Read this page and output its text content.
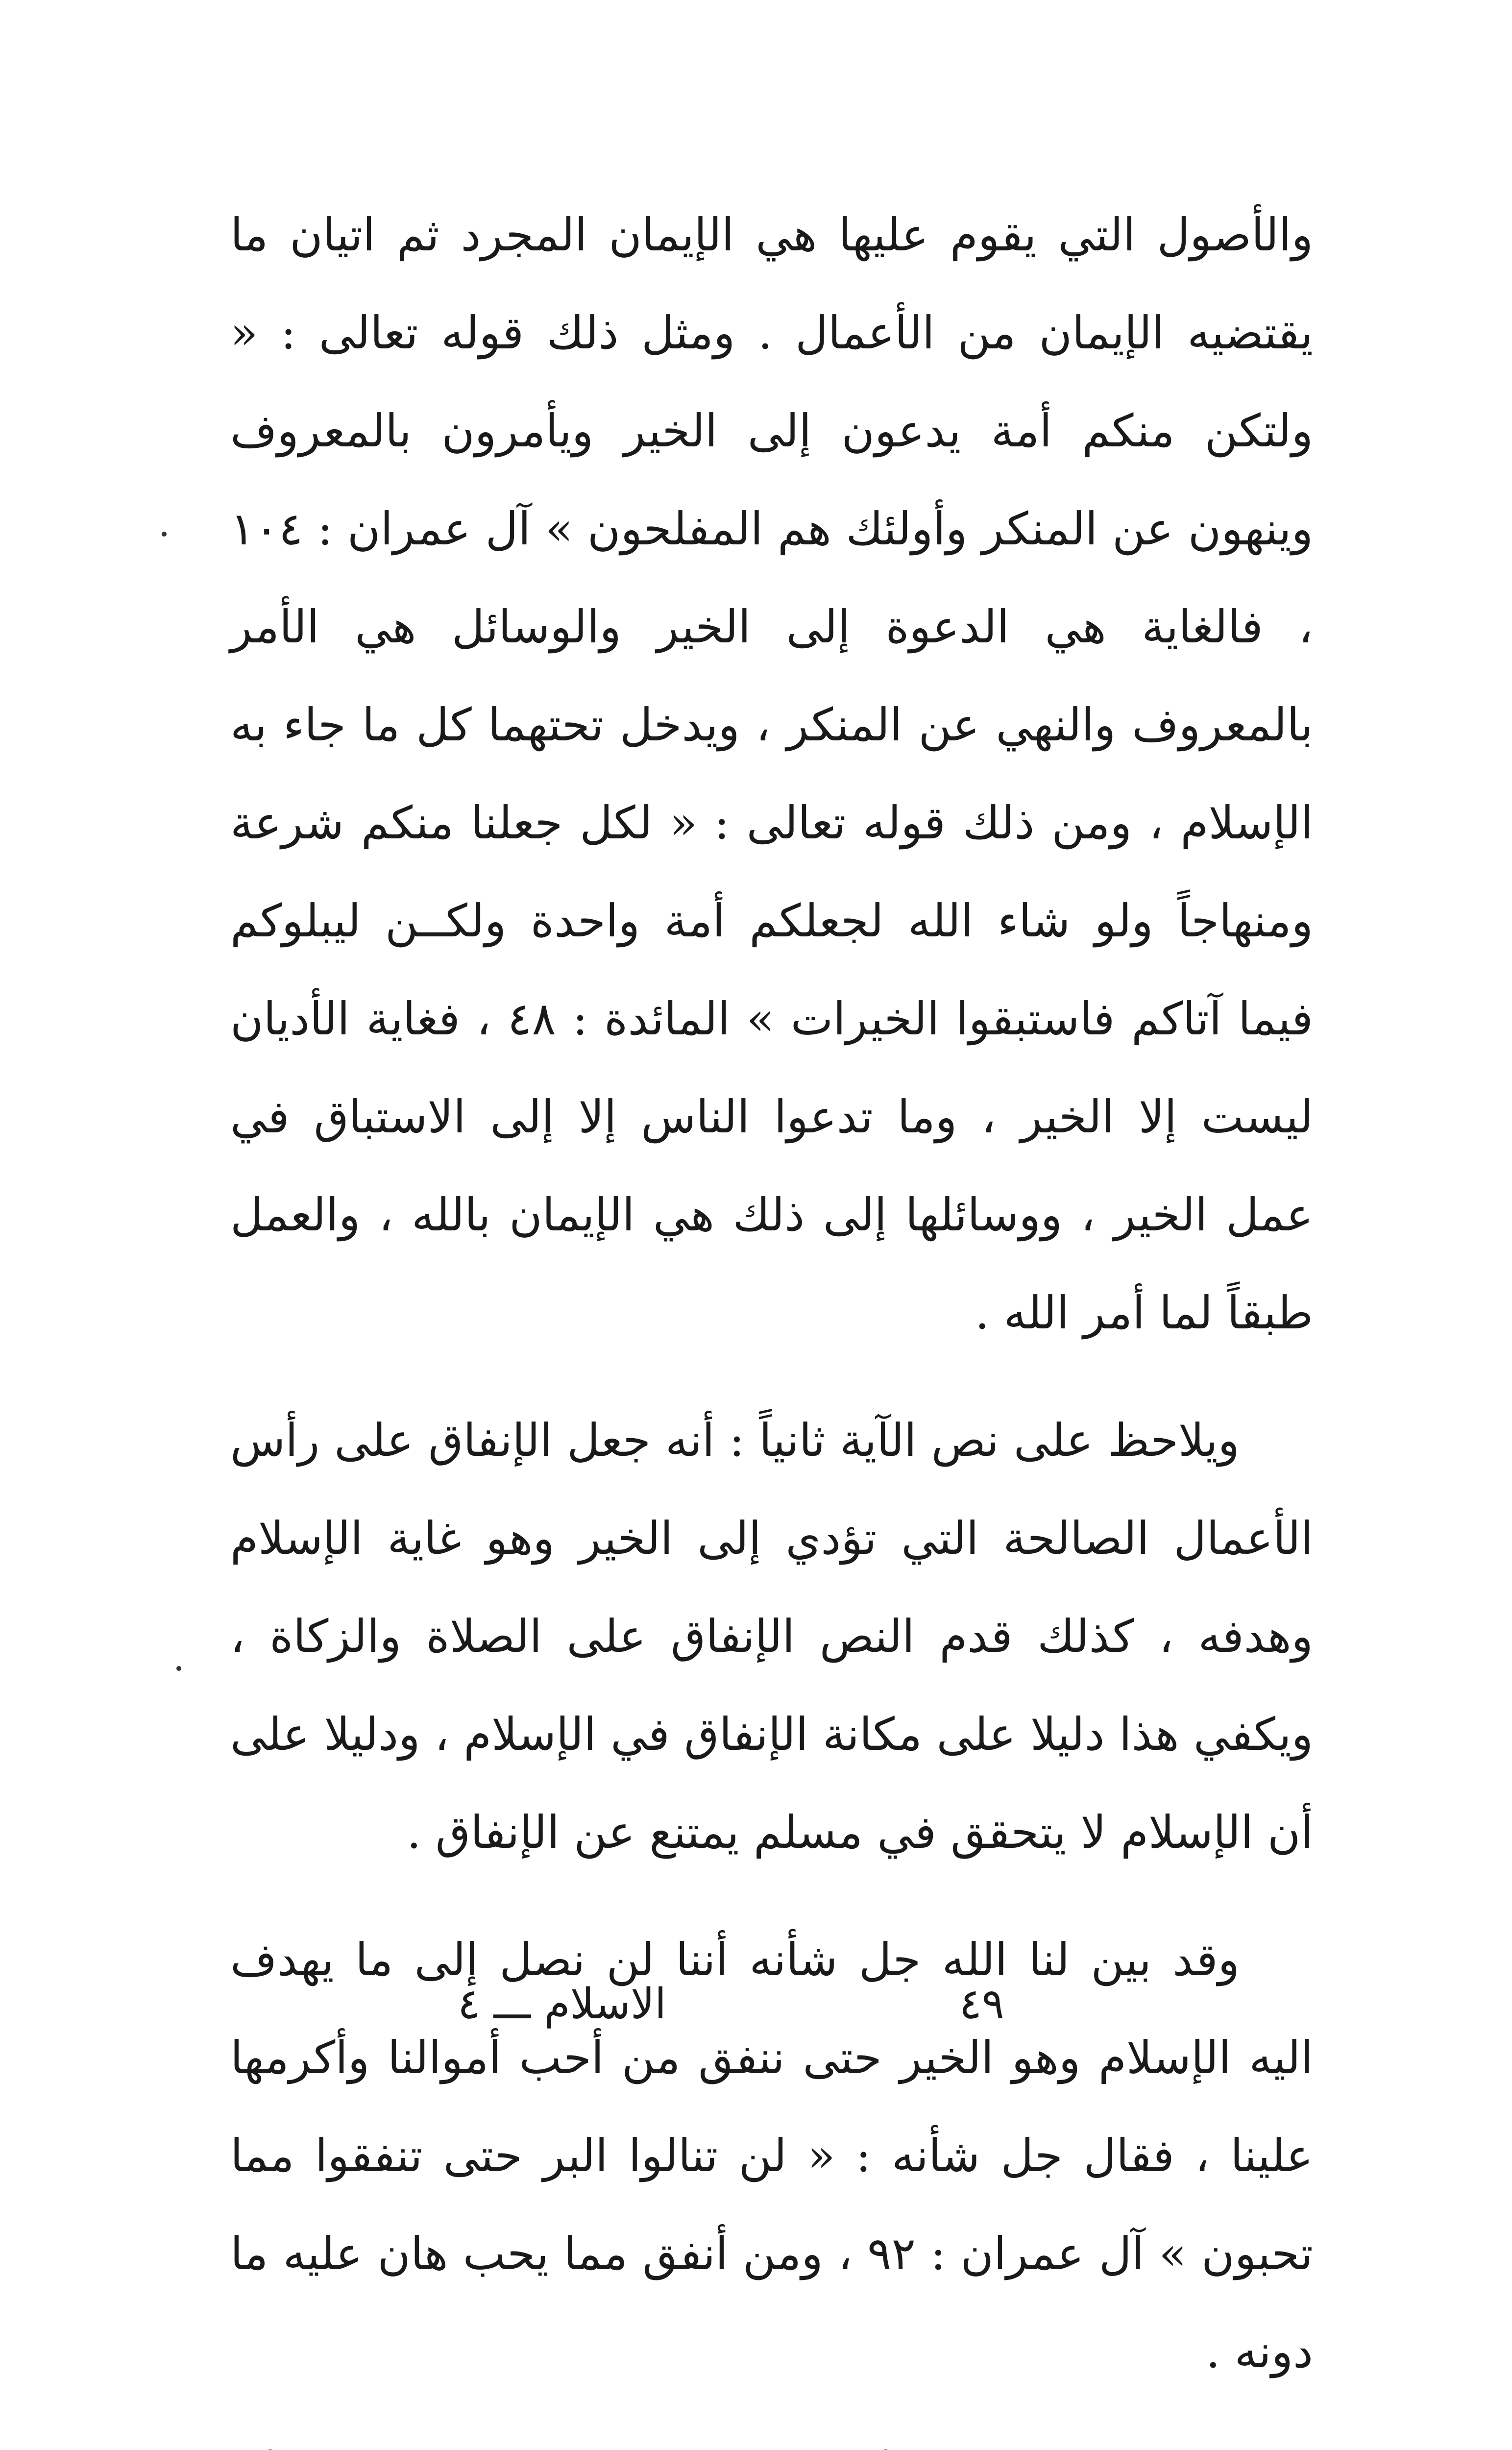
والأصول التي يقوم عليها هي الإيمان المجرد ثم اتيان ما يقتضيه الإيمان من الأعمال . ومثل ذلك قوله تعالى : « ولتكن منكم أمة يدعون إلى الخير ويأمرون بالمعروف وينهون عن المنكر وأولئك هم المفلحون » آل عمران : ١٠٤ ، فالغاية هي الدعوة إلى الخير والوسائل هي الأمر بالمعروف والنهي عن المنكر ، ويدخل تحتهما كل ما جاء به الإسلام ، ومن ذلك قوله تعالى : « لكل جعلنا منكم شرعة ومنهاجاً ولو شاء الله لجعلكم أمة واحدة ولكــن ليبلوكم فيما آتاكم فاستبقوا الخيرات » المائدة : ٤٨ ، فغاية الأديان ليست إلا الخير ، وما تدعوا الناس إلا إلى الاستباق في عمل الخير ، ووسائلها إلى ذلك هي الإيمان بالله ، والعمل طبقاً لما أمر الله .

ويلاحظ على نص الآية ثانياً : أنه جعل الإنفاق على رأس الأعمال الصالحة التي تؤدي إلى الخير وهو غاية الإسلام وهدفه ، كذلك قدم النص الإنفاق على الصلاة والزكاة ، ويكفي هذا دليلا على مكانة الإنفاق في الإسلام ، ودليلا على أن الإسلام لا يتحقق في مسلم يمتنع عن الإنفاق .

وقد بين لنا الله جل شأنه أننا لن نصل إلى ما يهدف اليه الإسلام وهو الخير حتى ننفق من أحب أموالنا وأكرمها علينا ، فقال جل شأنه : « لن تنالوا البر حتى تنفقوا مما تحبون » آل عمران : ٩٢ ، ومن أنفق مما يحب هان عليه ما دونه .

٤٩
الاسلام ـــ ٤
